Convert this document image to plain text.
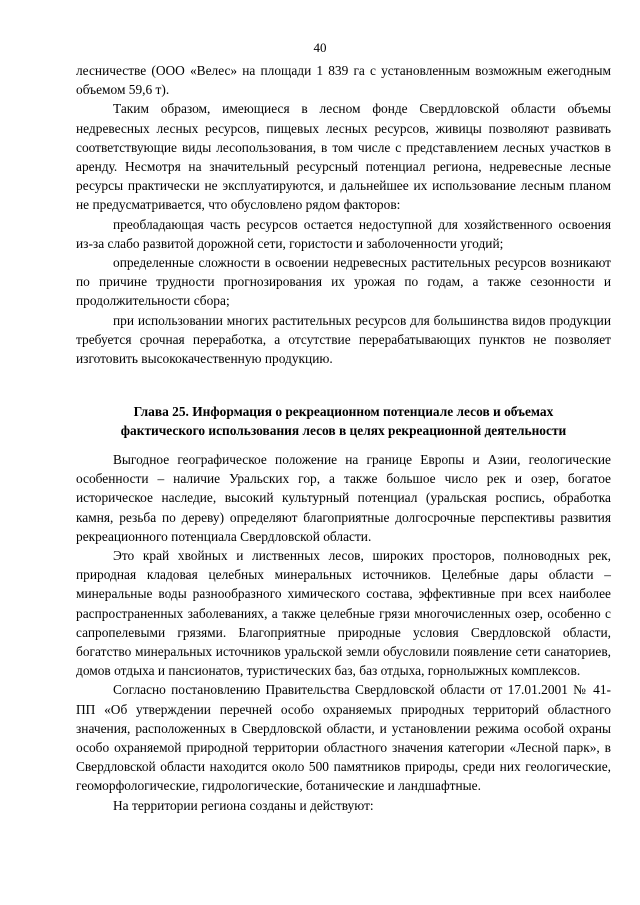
40

лесничестве (ООО «Велес» на площади 1 839 га с установленным возможным ежегодным объемом 59,6 т).

Таким образом, имеющиеся в лесном фонде Свердловской области объемы недревесных лесных ресурсов, пищевых лесных ресурсов, живицы позволяют развивать соответствующие виды лесопользования, в том числе с представлением лесных участков в аренду. Несмотря на значительный ресурсный потенциал региона, недревесные лесные ресурсы практически не эксплуатируются, и дальнейшее их использование лесным планом не предусматривается, что обусловлено рядом факторов:

преобладающая часть ресурсов остается недоступной для хозяйственного освоения из-за слабо развитой дорожной сети, гористости и заболоченности угодий;

определенные сложности в освоении недревесных растительных ресурсов возникают по причине трудности прогнозирования их урожая по годам, а также сезонности и продолжительности сбора;

при использовании многих растительных ресурсов для большинства видов продукции требуется срочная переработка, а отсутствие перерабатывающих пунктов не позволяет изготовить высококачественную продукцию.

Глава 25. Информация о рекреационном потенциале лесов и объемах
фактического использования лесов в целях рекреационной деятельности

Выгодное географическое положение на границе Европы и Азии, геологические особенности – наличие Уральских гор, а также большое число рек и озер, богатое историческое наследие, высокий культурный потенциал (уральская роспись, обработка камня, резьба по дереву) определяют благоприятные долгосрочные перспективы развития рекреационного потенциала Свердловской области.

Это край хвойных и лиственных лесов, широких просторов, полноводных рек, природная кладовая целебных минеральных источников. Целебные дары области – минеральные воды разнообразного химического состава, эффективные при всех наиболее распространенных заболеваниях, а также целебные грязи многочисленных озер, особенно с сапропелевыми грязями. Благоприятные природные условия Свердловской области, богатство минеральных источников уральской земли обусловили появление сети санаториев, домов отдыха и пансионатов, туристических баз, баз отдыха, горнолыжных комплексов.

Согласно постановлению Правительства Свердловской области от 17.01.2001 № 41-ПП «Об утверждении перечней особо охраняемых природных территорий областного значения, расположенных в Свердловской области, и установлении режима особой охраны особо охраняемой природной территории областного значения категории «Лесной парк», в Свердловской области находится около 500 памятников природы, среди них геологические, геоморфологические, гидрологические, ботанические и ландшафтные.

На территории региона созданы и действуют:
